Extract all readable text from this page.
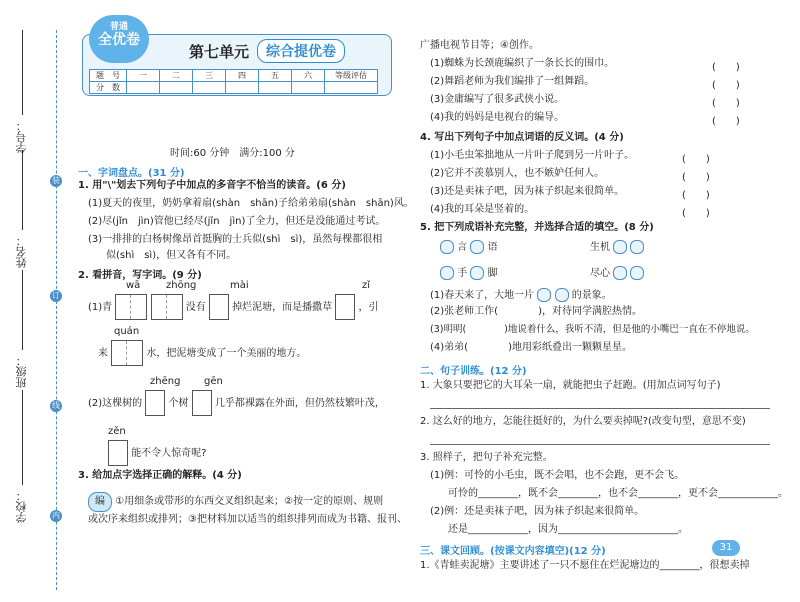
学号：
姓名：
班级：
学校：
装
订
线
内
普通
全优卷
第七单元	综合提优卷
题　号	一	二	三	四	五	六	等级评估
分　数							
时间:60 分钟　满分:100 分
一、字词盘点。(31 分)
1. 用"\"划去下列句子中加点的多音字不恰当的读音。(6 分)
(1)夏天的夜里，奶奶拿着扇(shàn　shān)子给弟弟扇(shàn　shān)风。
(2)尽(jǐn　jìn)管他已经尽(jǐn　jìn)了全力，但还是没能通过考试。
(3)一排排的白杨树像昂首挺胸的士兵似(shì　sì)，虽然每棵都很相
似(shì　sì)，但又各有不同。
2. 看拼音，写字词。(9 分)
wā	zhōng	mài	zǐ
(1)青	没有	掉烂泥塘，而是播撒草	，引
quán
来	水，把泥塘变成了一个美丽的地方。
zhēng gēn
(2)这棵树的	个树	几乎都裸露在外面，但仍然枝繁叶茂，
zěn
能不令人惊奇呢?
3. 给加点字选择正确的解释。(4 分)
编 ①用细条或带形的东西交叉组织起来；②按一定的原则、规则
或次序来组织或排列；③把材料加以适当的组织排列而成为书籍、报刊、
广播电视节目等；④创作。
(1)蜘蛛为长颈鹿编织了一条长长的围巾。	(　　)
(2)舞蹈老师为我们编排了一组舞蹈。	(　　)
(3)金庸编写了很多武侠小说。	(　　)
(4)我的妈妈是电视台的编导。	(　　)
4. 写出下列句子中加点词语的反义词。(4 分)
(1)小毛虫笨拙地从一片叶子爬到另一片叶子。	(　　)
(2)它并不羡慕别人，也不嫉妒任何人。	(　　)
(3)还是卖袜子吧，因为袜子织起来很简单。	(　　)
(4)我的耳朵是竖着的。	(　　)
5. 把下列成语补充完整，并选择合适的填空。(8 分)
言 语	生机
手 脚	尽心
(1)春天来了，大地一片	的景象。
(2)张老师工作(　　　　)，对待同学满腔热情。
(3)明明(　　　　)地说着什么，我听不清，但是他的小嘴巴一直在不停地说。
(4)弟弟(　　　　)地用彩纸叠出一颗颗星星。
二、句子训练。(12 分)
1. 大象只要把它的大耳朵一扇，就能把虫子赶跑。(用加点词写句子)
2. 这么好的地方，怎能往挺好的，为什么要卖掉呢?(改变句型，意思不变)
3. 照样子，把句子补充完整。
(1)例：可怜的小毛虫，既不会唱，也不会跑，更不会飞。
可怜的________，既不会________，也不会________，更不会____________。
(2)例：还是卖袜子吧，因为袜子织起来很简单。
还是____________，因为________________________。
三、课文回顾。(按课文内容填空)(12 分)
1.《青蛙卖泥塘》主要讲述了一只不愿住在烂泥塘边的________，很想卖掉
31
